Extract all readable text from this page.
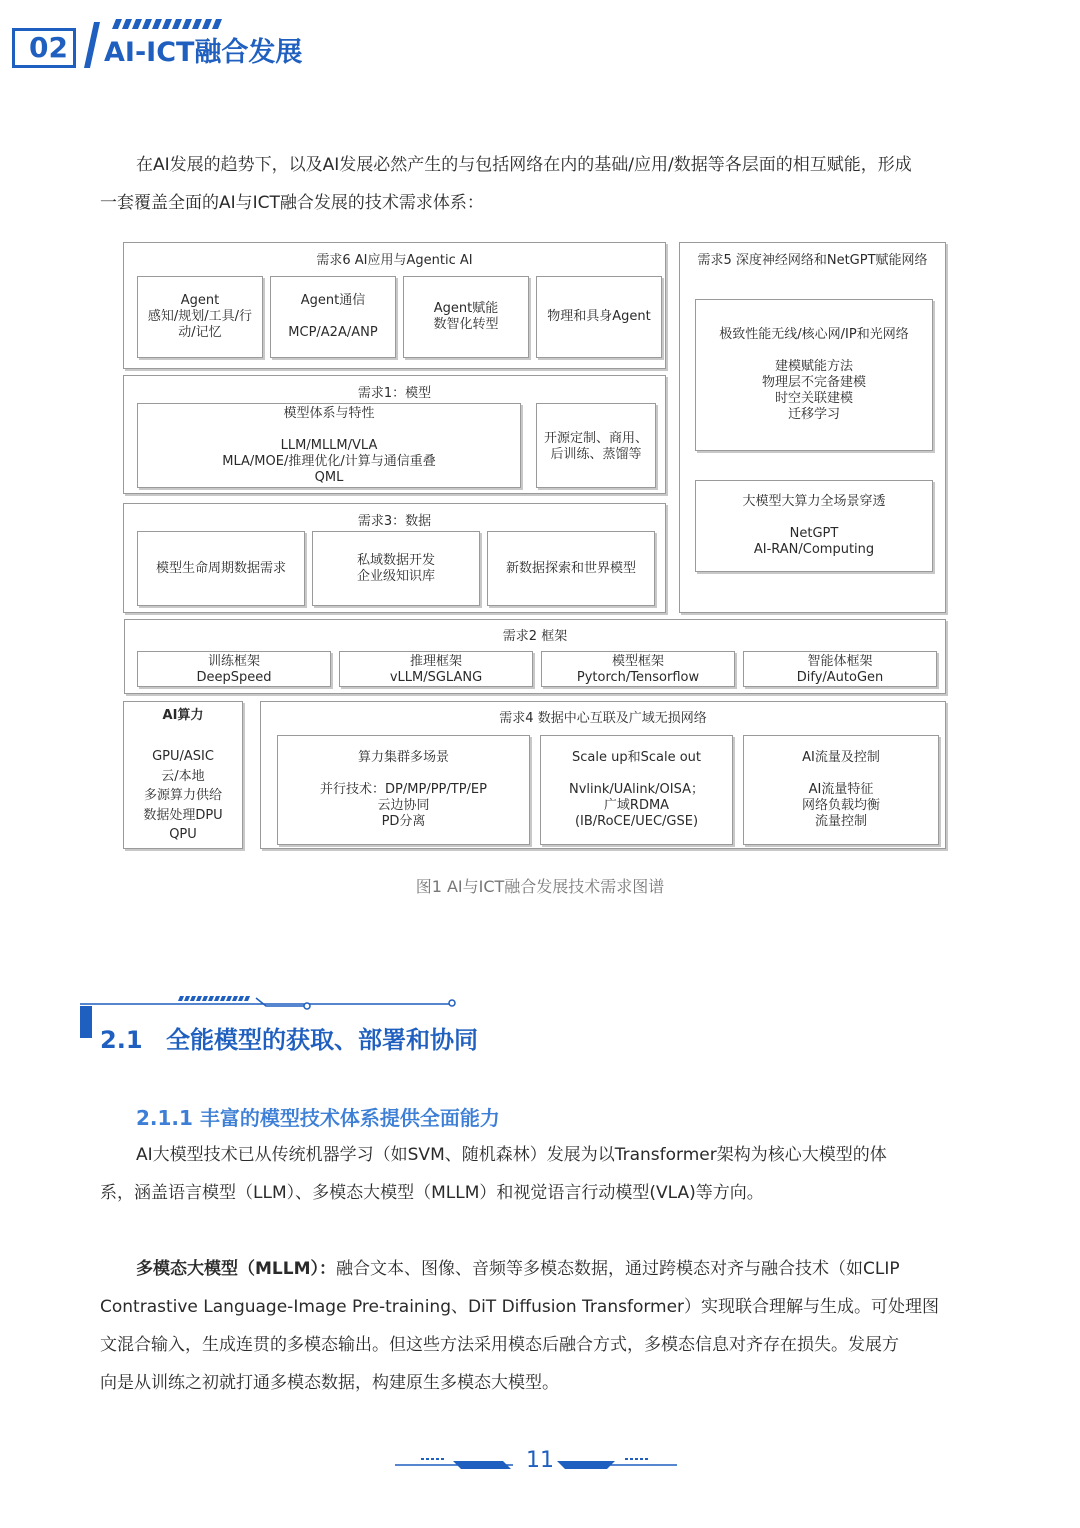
02 AI-ICT融合发展
在AI发展的趋势下，以及AI发展必然产生的与包括网络在内的基础/应用/数据等各层面的相互赋能，形成
一套覆盖全面的AI与ICT融合发展的技术需求体系：
需求6 AI应用与Agentic AI
Agent
感知/规划/工具/行
动/记忆
Agent通信

MCP/A2A/ANP
Agent赋能
数智化转型
物理和具身Agent
需求5 深度神经网络和NetGPT赋能网络
极致性能无线/核心网/IP和光网络

建模赋能方法
物理层不完备建模
时空关联建模
迁移学习
大模型大算力全场景穿透

NetGPT
AI-RAN/Computing
需求1：模型
模型体系与特性
LLM/MLLM/VLA
MLA/MOE/推理优化/计算与通信重叠
QML
开源定制、商用、
后训练、蒸馏等
需求3：数据
模型生命周期数据需求
私域数据开发
企业级知识库
新数据探索和世界模型
需求2 框架
训练框架
DeepSpeed
推理框架
vLLM/SGLANG
模型框架
Pytorch/Tensorflow
智能体框架
Dify/AutoGen
AI算力
GPU/ASIC
云/本地
多源算力供给
数据处理DPU
QPU
需求4 数据中心互联及广域无损网络
算力集群多场景

并行技术：DP/MP/PP/TP/EP
云边协同
PD分离
Scale up和Scale out

Nvlink/UAlink/OISA；
广域RDMA
(IB/RoCE/UEC/GSE)
AI流量及控制

AI流量特征
网络负载均衡
流量控制
图1 AI与ICT融合发展技术需求图谱
2.1 全能模型的获取、部署和协同
2.1.1 丰富的模型技术体系提供全面能力
AI大模型技术已从传统机器学习（如SVM、随机森林）发展为以Transformer架构为核心大模型的体
系，涵盖语言模型（LLM）、多模态大模型（MLLM）和视觉语言行动模型(VLA)等方向。
多模态大模型（MLLM）：融合文本、图像、音频等多模态数据，通过跨模态对齐与融合技术（如CLIP
Contrastive Language-Image Pre-training、DiT Diffusion Transformer）实现联合理解与生成。可处理图
文混合输入，生成连贯的多模态输出。但这些方法采用模态后融合方式，多模态信息对齐存在损失。发展方
向是从训练之初就打通多模态数据，构建原生多模态大模型。
11
